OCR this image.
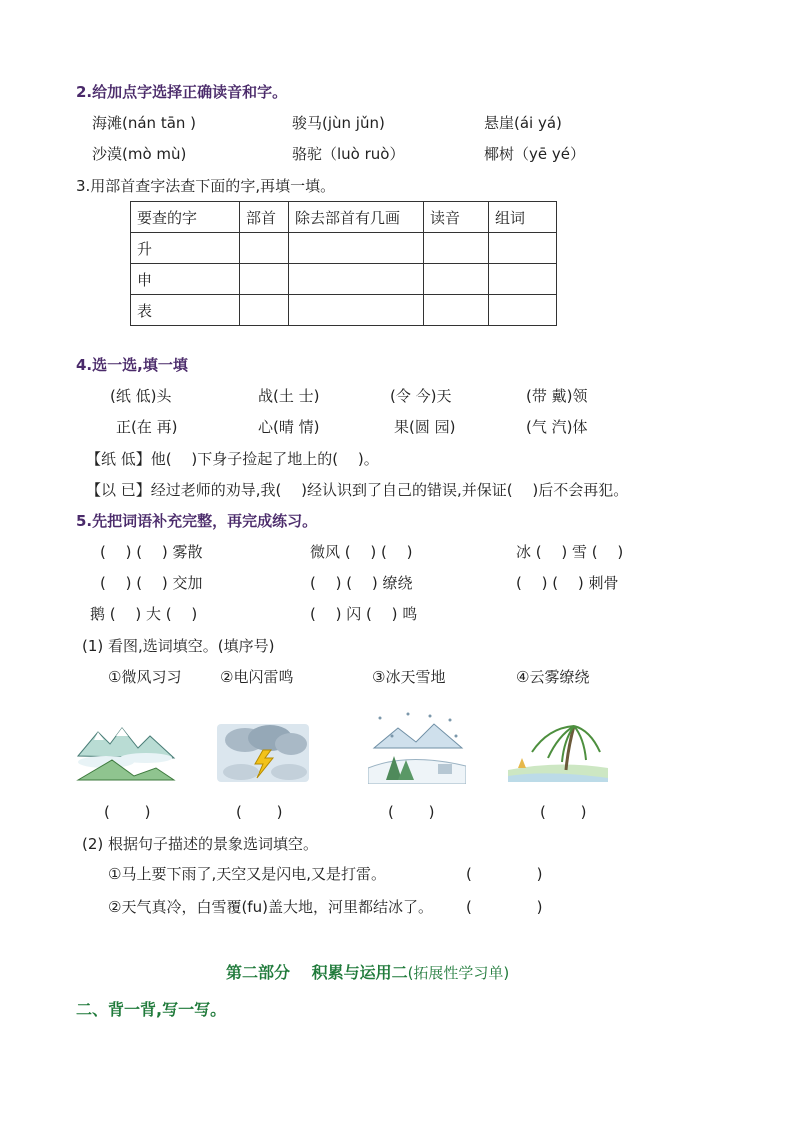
2.给加点字选择正确读音和字。
海滩(nán tān )	骏马(jùn jǔn)	悬崖(ái yá)
沙漠(mò mù)	骆驼（luò ruò）	椰树（yē yé）
3.用部首查字法查下面的字,再填一填。
要查的字	部首	除去部首有几画	读音	组词
升				
申				
表				
4.选一选,填一填
(纸 低)头	战(土 士)	(令 今)天	(带 戴)领
正(在 再)	心(晴 情)	果(圆 园)	(气 汽)体
【纸 低】他(　 )下身子捡起了地上的(　 )。
【以 已】经过老师的劝导,我(　 )经认识到了自己的错误,并保证(　 )后不会再犯。
5.先把词语补充完整，再完成练习。
(　 ) (　 ) 雾散	微风 (　 ) (　 )	冰 (　 ) 雪 (　 )
(　 ) (　 ) 交加	(　 ) (　 ) 缭绕	(　 ) (　 ) 刺骨
鹅 (　 ) 大 (　 )	(　 ) 闪 (　 ) 鸣
(1) 看图,选词填空。(填序号)
①微风习习	②电闪雷鸣	③冰天雪地	④云雾缭绕
(　　 )	(　　 )	(　　 )	(　　 )
(2) 根据句子描述的景象选词填空。
①马上要下雨了,天空又是闪电,又是打雷。	(　　　　 )
②天气真冷，白雪覆(fu)盖大地，河里都结冰了。 (　　　　 )
第二部分　 积累与运用二(拓展性学习单)
二、背一背,写一写。
